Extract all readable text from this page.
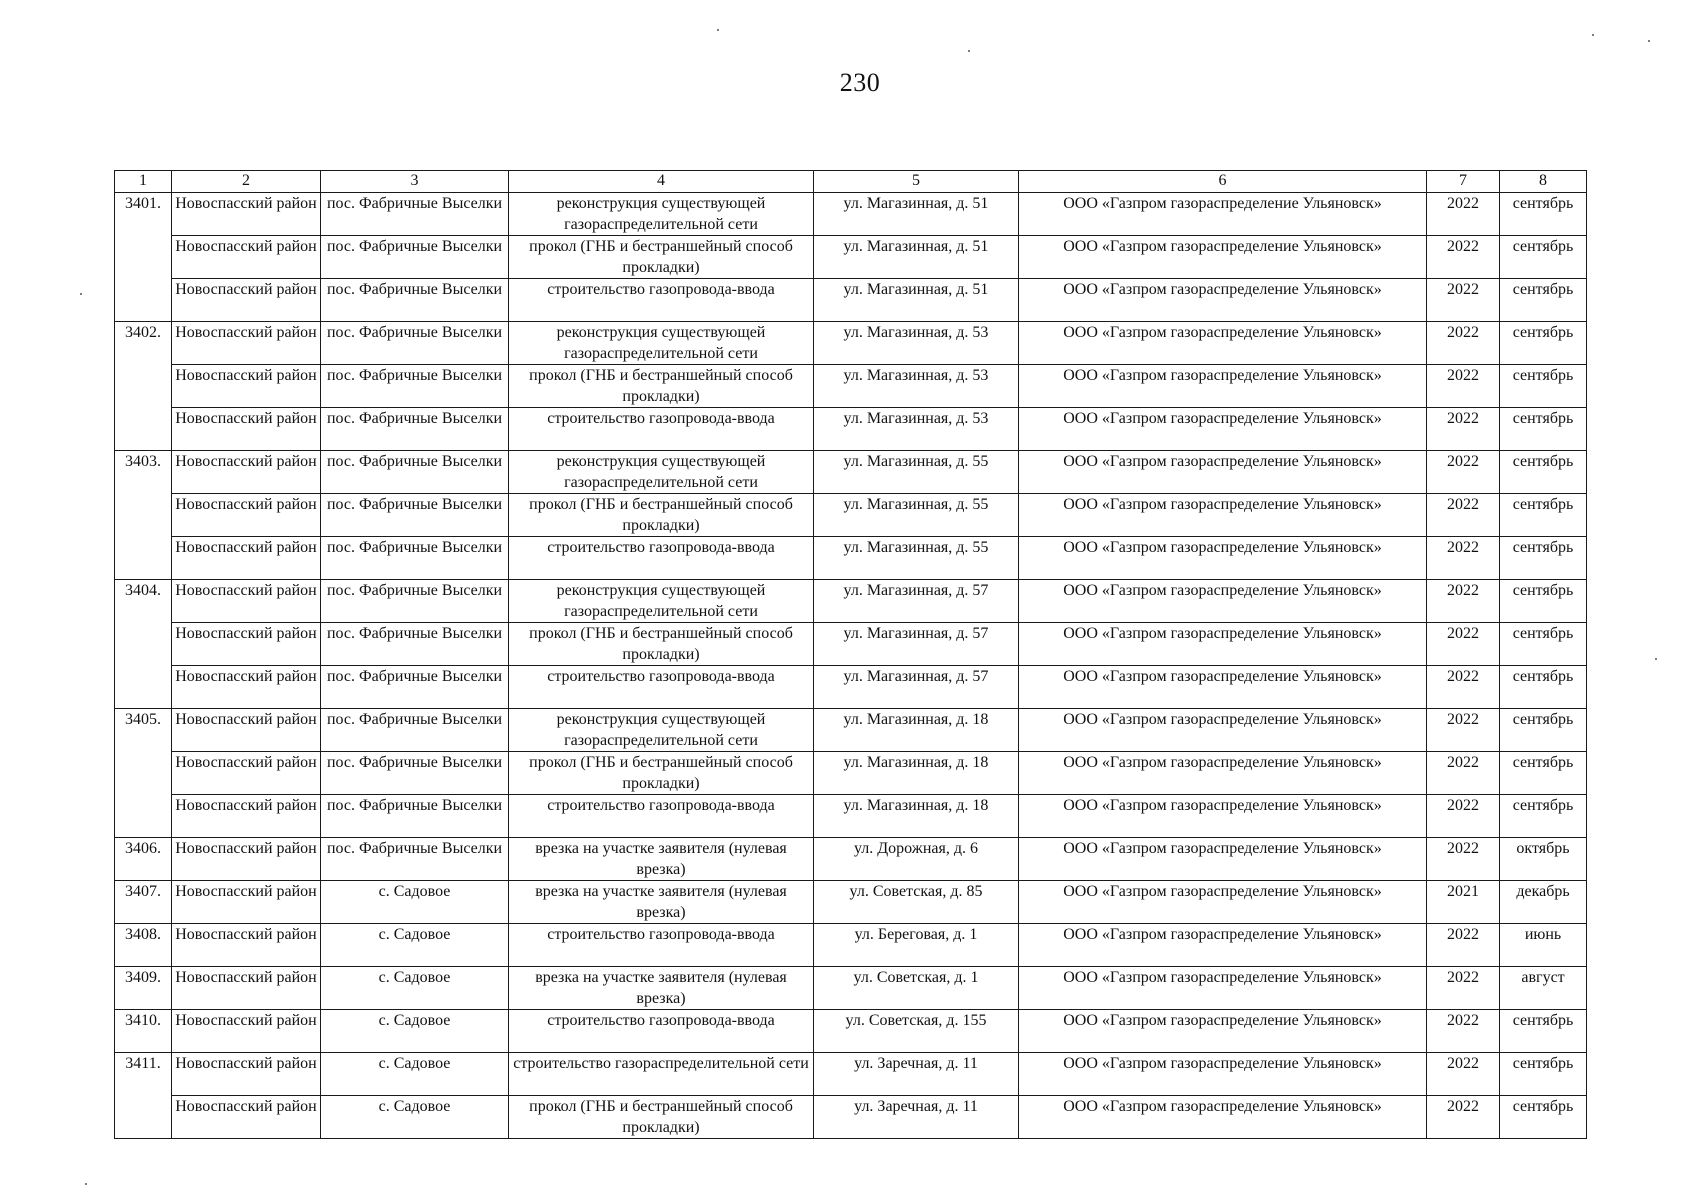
230
1	2	3	4	5	6	7	8
3401.	Новоспасский район	пос. Фабричные Выселки	реконструкция существующей газораспределительной сети	ул. Магазинная, д. 51	ООО «Газпром газораспределение Ульяновск»	2022	сентябрь
	Новоспасский район	пос. Фабричные Выселки	прокол (ГНБ и бестраншейный способ прокладки)	ул. Магазинная, д. 51	ООО «Газпром газораспределение Ульяновск»	2022	сентябрь
	Новоспасский район	пос. Фабричные Выселки	строительство газопровода-ввода	ул. Магазинная, д. 51	ООО «Газпром газораспределение Ульяновск»	2022	сентябрь
3402.	Новоспасский район	пос. Фабричные Выселки	реконструкция существующей газораспределительной сети	ул. Магазинная, д. 53	ООО «Газпром газораспределение Ульяновск»	2022	сентябрь
	Новоспасский район	пос. Фабричные Выселки	прокол (ГНБ и бестраншейный способ прокладки)	ул. Магазинная, д. 53	ООО «Газпром газораспределение Ульяновск»	2022	сентябрь
	Новоспасский район	пос. Фабричные Выселки	строительство газопровода-ввода	ул. Магазинная, д. 53	ООО «Газпром газораспределение Ульяновск»	2022	сентябрь
3403.	Новоспасский район	пос. Фабричные Выселки	реконструкция существующей газораспределительной сети	ул. Магазинная, д. 55	ООО «Газпром газораспределение Ульяновск»	2022	сентябрь
	Новоспасский район	пос. Фабричные Выселки	прокол (ГНБ и бестраншейный способ прокладки)	ул. Магазинная, д. 55	ООО «Газпром газораспределение Ульяновск»	2022	сентябрь
	Новоспасский район	пос. Фабричные Выселки	строительство газопровода-ввода	ул. Магазинная, д. 55	ООО «Газпром газораспределение Ульяновск»	2022	сентябрь
3404.	Новоспасский район	пос. Фабричные Выселки	реконструкция существующей газораспределительной сети	ул. Магазинная, д. 57	ООО «Газпром газораспределение Ульяновск»	2022	сентябрь
	Новоспасский район	пос. Фабричные Выселки	прокол (ГНБ и бестраншейный способ прокладки)	ул. Магазинная, д. 57	ООО «Газпром газораспределение Ульяновск»	2022	сентябрь
	Новоспасский район	пос. Фабричные Выселки	строительство газопровода-ввода	ул. Магазинная, д. 57	ООО «Газпром газораспределение Ульяновск»	2022	сентябрь
3405.	Новоспасский район	пос. Фабричные Выселки	реконструкция существующей газораспределительной сети	ул. Магазинная, д. 18	ООО «Газпром газораспределение Ульяновск»	2022	сентябрь
	Новоспасский район	пос. Фабричные Выселки	прокол (ГНБ и бестраншейный способ прокладки)	ул. Магазинная, д. 18	ООО «Газпром газораспределение Ульяновск»	2022	сентябрь
	Новоспасский район	пос. Фабричные Выселки	строительство газопровода-ввода	ул. Магазинная, д. 18	ООО «Газпром газораспределение Ульяновск»	2022	сентябрь
3406.	Новоспасский район	пос. Фабричные Выселки	врезка на участке заявителя (нулевая врезка)	ул. Дорожная, д. 6	ООО «Газпром газораспределение Ульяновск»	2022	октябрь
3407.	Новоспасский район	с. Садовое	врезка на участке заявителя (нулевая врезка)	ул. Советская, д. 85	ООО «Газпром газораспределение Ульяновск»	2021	декабрь
3408.	Новоспасский район	с. Садовое	строительство газопровода-ввода	ул. Береговая, д. 1	ООО «Газпром газораспределение Ульяновск»	2022	июнь
3409.	Новоспасский район	с. Садовое	врезка на участке заявителя (нулевая врезка)	ул. Советская, д. 1	ООО «Газпром газораспределение Ульяновск»	2022	август
3410.	Новоспасский район	с. Садовое	строительство газопровода-ввода	ул. Советская, д. 155	ООО «Газпром газораспределение Ульяновск»	2022	сентябрь
3411.	Новоспасский район	с. Садовое	строительство газораспределительной сети	ул. Заречная, д. 11	ООО «Газпром газораспределение Ульяновск»	2022	сентябрь
	Новоспасский район	с. Садовое	прокол (ГНБ и бестраншейный способ прокладки)	ул. Заречная, д. 11	ООО «Газпром газораспределение Ульяновск»	2022	сентябрь
